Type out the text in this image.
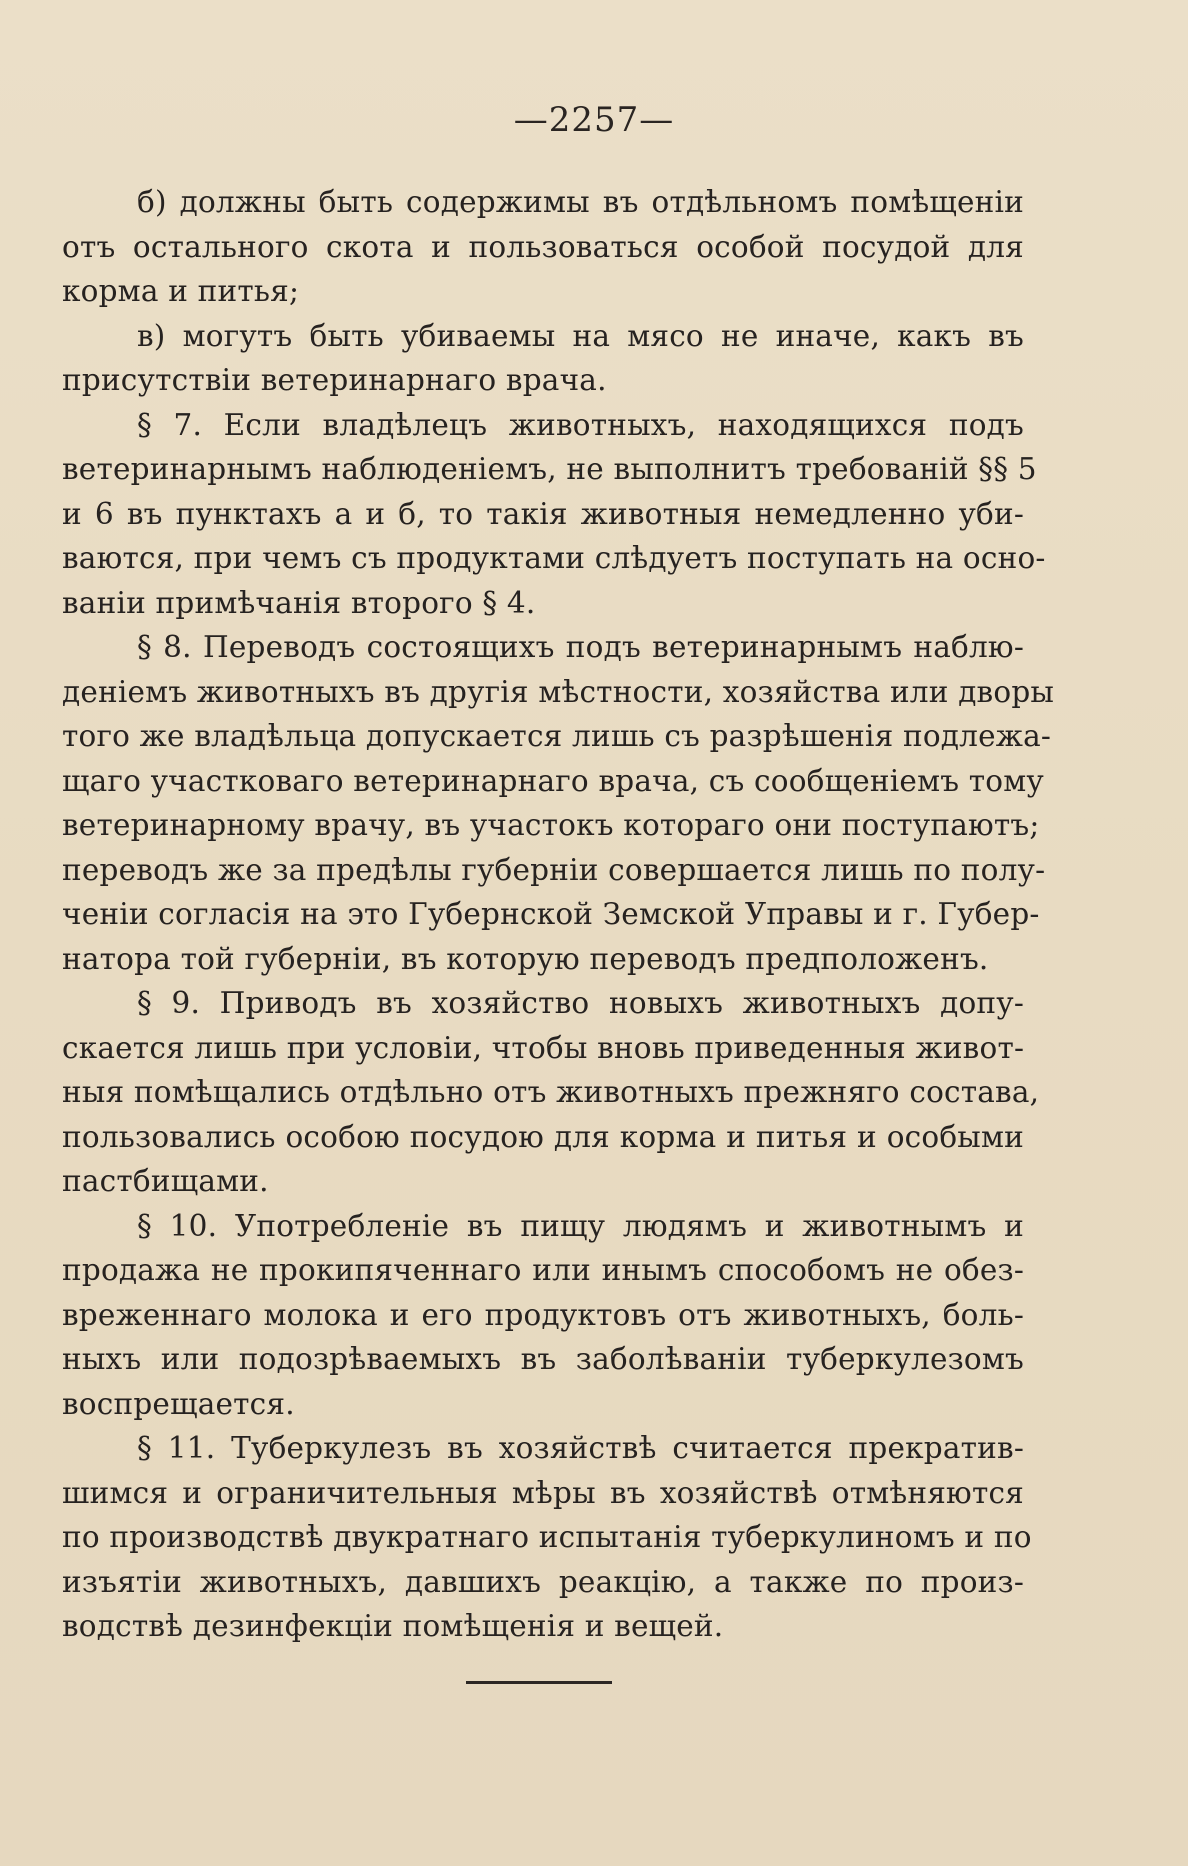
—2257—
б) должны быть содержимы въ отдѣльномъ помѣщенiи
отъ остального скота и пользоваться особой посудой для
корма и питья;
в) могутъ быть убиваемы на мясо не иначе, какъ въ
присутствiи ветеринарнаго врача.
§ 7. Если владѣлецъ животныхъ, находящихся подъ
ветеринарнымъ наблюденiемъ, не выполнитъ требованiй §§ 5
и 6 въ пунктахъ а и б, то такiя животныя немедленно уби-
ваются, при чемъ съ продуктами слѣдуетъ поступать на осно-
ванiи примѣчанiя второго § 4.
§ 8. Переводъ состоящихъ подъ ветеринарнымъ наблю-
денiемъ животныхъ въ другiя мѣстности, хозяйства или дворы
того же владѣльца допускается лишь съ разрѣшенiя подлежа-
щаго участковаго ветеринарнаго врача, съ сообщенiемъ тому
ветеринарному врачу, въ участокъ котораго они поступаютъ;
переводъ же за предѣлы губернiи совершается лишь по полу-
ченiи согласiя на это Губернской Земской Управы и г. Губер-
натора той губернiи, въ которую переводъ предположенъ.
§ 9. Приводъ въ хозяйство новыхъ животныхъ допу-
скается лишь при условiи, чтобы вновь приведенныя живот-
ныя помѣщались отдѣльно отъ животныхъ прежняго состава,
пользовались особою посудою для корма и питья и особыми
пастбищами.
§ 10. Употребленiе въ пищу людямъ и животнымъ и
продажа не прокипяченнаго или инымъ способомъ не обез-
вреженнаго молока и его продуктовъ отъ животныхъ, боль-
ныхъ или подозрѣваемыхъ въ заболѣванiи туберкулезомъ
воспрещается.
§ 11. Туберкулезъ въ хозяйствѣ считается прекратив-
шимся и ограничительныя мѣры въ хозяйствѣ отмѣняются
по производствѣ двукратнаго испытанiя туберкулиномъ и по
изъятiи животныхъ, давшихъ реакцiю, а также по произ-
водствѣ дезинфекцiи помѣщенiя и вещей.
